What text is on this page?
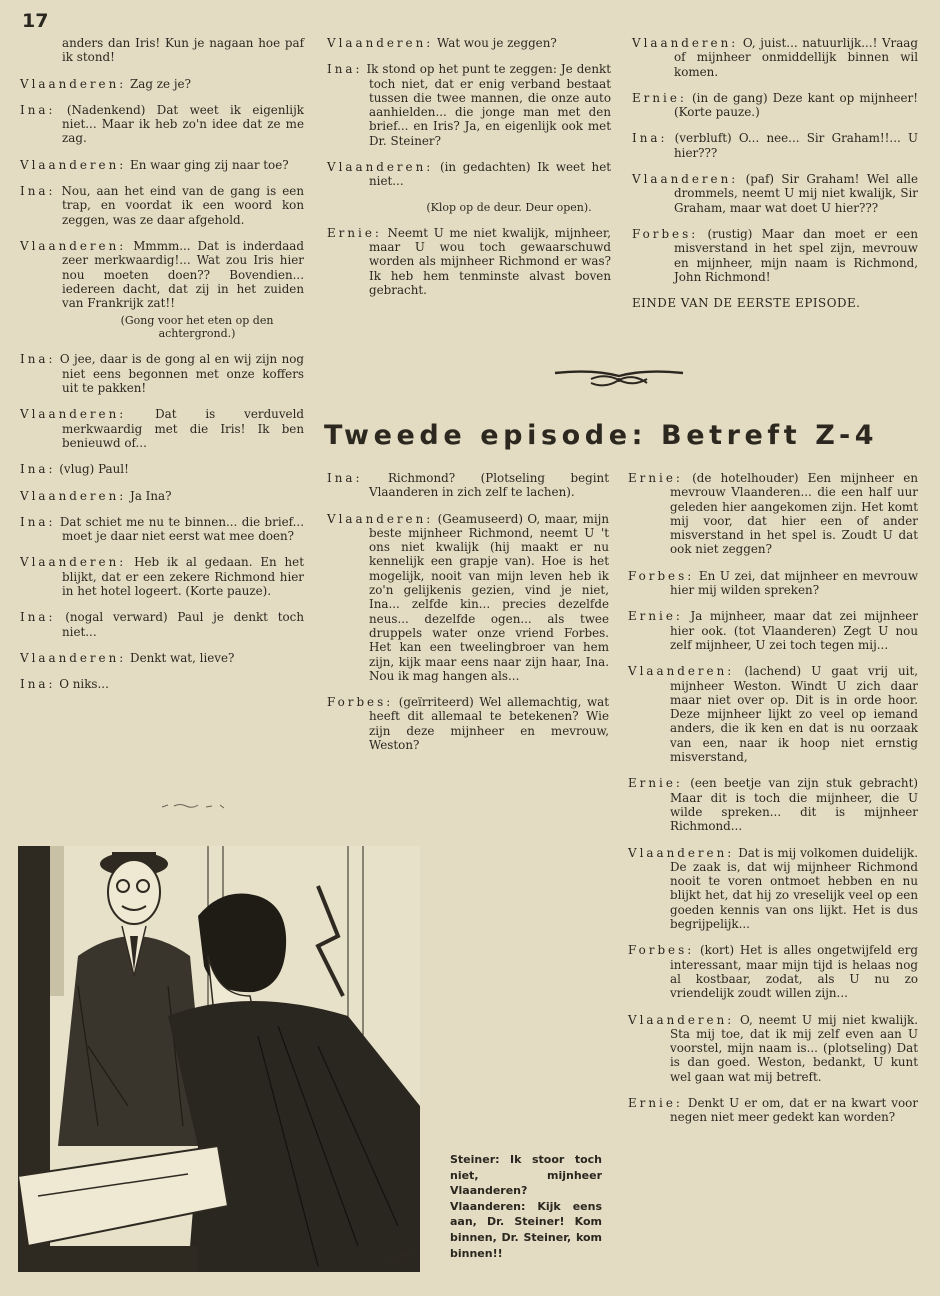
17

anders dan Iris! Kun je nagaan hoe paf ik stond!

Vlaanderen: Zag ze je?

Ina: (Nadenkend) Dat weet ik eigenlijk niet... Maar ik heb zo'n idee dat ze me zag.

Vlaanderen: En waar ging zij naar toe?

Ina: Nou, aan het eind van de gang is een trap, en voordat ik een woord kon zeggen, was ze daar afgehold.

Vlaanderen: Mmmm... Dat is inderdaad zeer merkwaardig!... Wat zou Iris hier nou moeten doen?? Bovendien... iedereen dacht, dat zij in het zuiden van Frankrijk zat!!

(Gong voor het eten op den achtergrond.)

Ina: O jee, daar is de gong al en wij zijn nog niet eens begonnen met onze koffers uit te pakken!

Vlaanderen: Dat is verduveld merkwaardig met die Iris! Ik ben benieuwd of...

Ina: (vlug) Paul!

Vlaanderen: Ja Ina?

Ina: Dat schiet me nu te binnen... die brief... moet je daar niet eerst wat mee doen?

Vlaanderen: Heb ik al gedaan. En het blijkt, dat er een zekere Richmond hier in het hotel logeert. (Korte pauze).

Ina: (nogal verward) Paul je denkt toch niet...

Vlaanderen: Denkt wat, lieve?

Ina: O niks...

Vlaanderen: Wat wou je zeggen?

Ina: Ik stond op het punt te zeggen: Je denkt toch niet, dat er enig verband bestaat tussen die twee mannen, die onze auto aanhielden... die jonge man met den brief... en Iris? Ja, en eigenlijk ook met Dr. Steiner?

Vlaanderen: (in gedachten) Ik weet het niet...

(Klop op de deur. Deur open).

Ernie: Neemt U me niet kwalijk, mijnheer, maar U wou toch gewaarschuwd worden als mijnheer Richmond er was? Ik heb hem tenminste alvast boven gebracht.

Vlaanderen: O, juist... natuurlijk...! Vraag of mijnheer onmiddellijk binnen wil komen.

Ernie: (in de gang) Deze kant op mijnheer! (Korte pauze.)

Ina: (verbluft) O... nee... Sir Graham!!... U hier???

Vlaanderen: (paf) Sir Graham! Wel alle drommels, neemt U mij niet kwalijk, Sir Graham, maar wat doet U hier???

Forbes: (rustig) Maar dan moet er een misverstand in het spel zijn, mevrouw en mijnheer, mijn naam is Richmond, John Richmond!

EINDE VAN DE EERSTE EPISODE.

Tweede episode: Betreft Z-4

Ina: Richmond? (Plotseling begint Vlaanderen in zich zelf te lachen).

Vlaanderen: (Geamuseerd) O, maar, mijn beste mijnheer Richmond, neemt U 't ons niet kwalijk (hij maakt er nu kennelijk een grapje van). Hoe is het mogelijk, nooit van mijn leven heb ik zo'n gelijkenis gezien, vind je niet, Ina... zelfde kin... precies dezelfde neus... dezelfde ogen... als twee druppels water onze vriend Forbes. Het kan een tweelingbroer van hem zijn, kijk maar eens naar zijn haar, Ina. Nou ik mag hangen als...

Forbes: (geïrriteerd) Wel allemachtig, wat heeft dit allemaal te betekenen? Wie zijn deze mijnheer en mevrouw, Weston?

Ernie: (de hotelhouder) Een mijnheer en mevrouw Vlaanderen... die een half uur geleden hier aangekomen zijn. Het komt mij voor, dat hier een of ander misverstand in het spel is. Zoudt U dat ook niet zeggen?

Forbes: En U zei, dat mijnheer en mevrouw hier mij wilden spreken?

Ernie: Ja mijnheer, maar dat zei mijnheer hier ook. (tot Vlaanderen) Zegt U nou zelf mijnheer, U zei toch tegen mij...

Vlaanderen: (lachend) U gaat vrij uit, mijnheer Weston. Windt U zich daar maar niet over op. Dit is in orde hoor. Deze mijnheer lijkt zo veel op iemand anders, die ik ken en dat is nu oorzaak van een, naar ik hoop niet ernstig misverstand,

Ernie: (een beetje van zijn stuk gebracht) Maar dit is toch die mijnheer, die U wilde spreken... dit is mijnheer Richmond...

Vlaanderen: Dat is mij volkomen duidelijk. De zaak is, dat wij mijnheer Richmond nooit te voren ontmoet hebben en nu blijkt het, dat hij zo vreselijk veel op een goeden kennis van ons lijkt. Het is dus begrijpelijk...

Forbes: (kort) Het is alles ongetwijfeld erg interessant, maar mijn tijd is helaas nog al kostbaar, zodat, als U nu zo vriendelijk zoudt willen zijn...

Vlaanderen: O, neemt U mij niet kwalijk. Sta mij toe, dat ik mij zelf even aan U voorstel, mijn naam is... (plotseling) Dat is dan goed. Weston, bedankt, U kunt wel gaan wat mij betreft.

Ernie: Denkt U er om, dat er na kwart voor negen niet meer gedekt kan worden?

LEEB
Steiner: Ik stoor toch niet, mijnheer Vlaanderen? Vlaanderen: Kijk eens aan, Dr. Steiner! Kom binnen, Dr. Steiner, kom binnen!!
